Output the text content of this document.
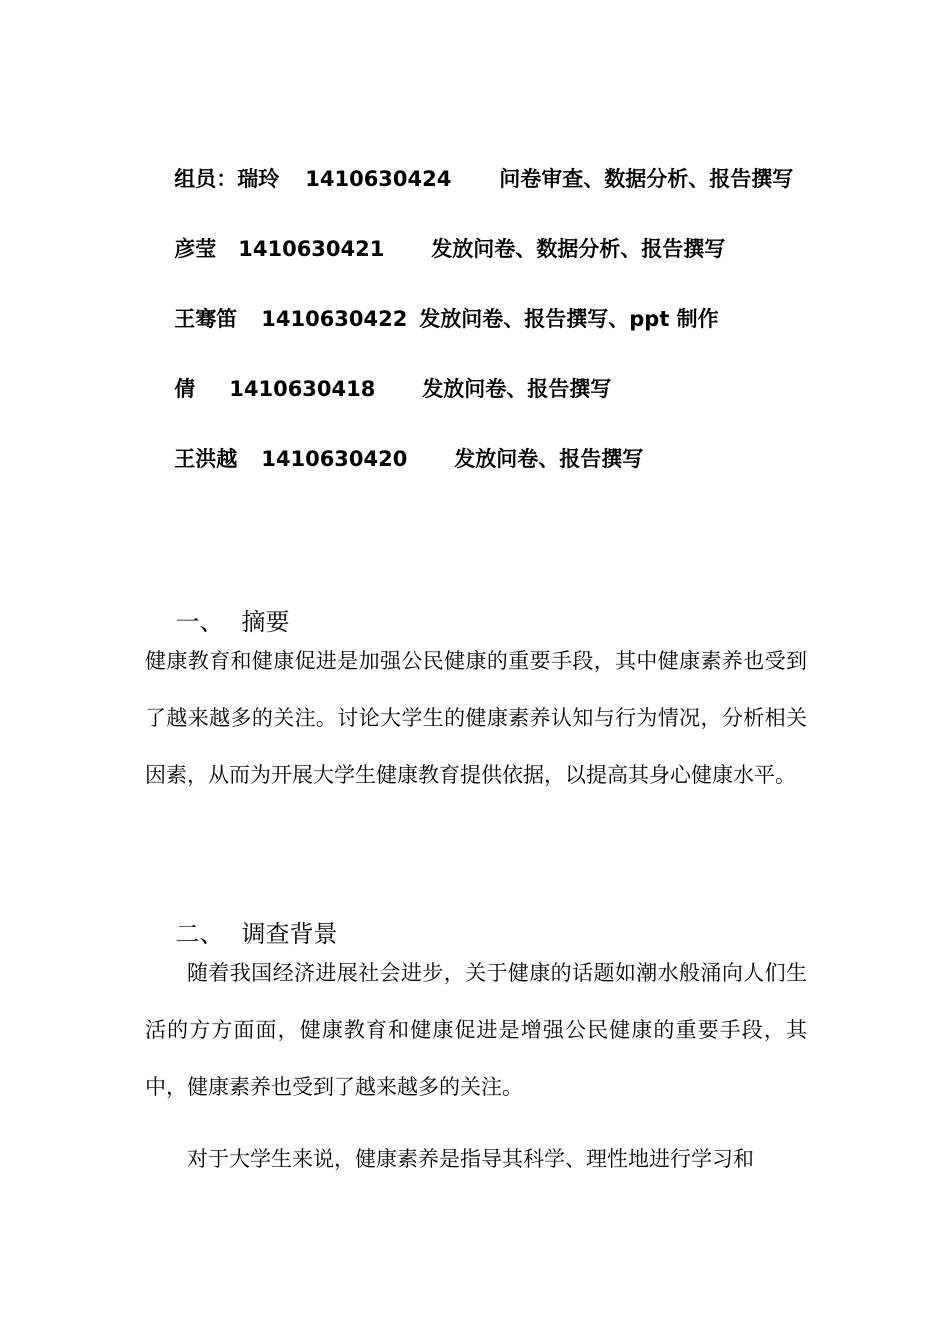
组员：瑞玲 1410630424 问卷审查、数据分析、报告撰写

彦莹 1410630421 发放问卷、数据分析、报告撰写

王骞笛 1410630422 发放问卷、报告撰写、ppt 制作

倩 1410630418 发放问卷、报告撰写

王洪越 1410630420 发放问卷、报告撰写

一、 摘要

健康教育和健康促进是加强公民健康的重要手段，其中健康素养也受到了越来越多的关注。讨论大学生的健康素养认知与行为情况，分析相关因素，从而为开展大学生健康教育提供依据，以提高其身心健康水平。

二、 调查背景

随着我国经济进展社会进步，关于健康的话题如潮水般涌向人们生活的方方面面，健康教育和健康促进是增强公民健康的重要手段，其中，健康素养也受到了越来越多的关注。
对于大学生来说，健康素养是指导其科学、理性地进行学习和
